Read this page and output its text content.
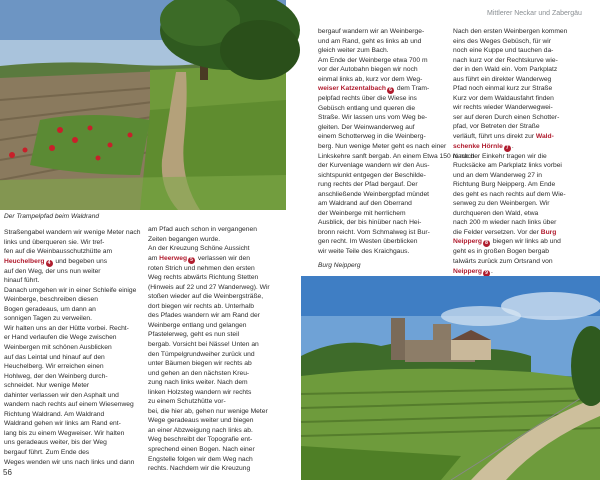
Der Trampelpfad beim Waldrand
Mittlerer Neckar und Zabergäu

Straßengabel wandern wir wenige Meter nach

links und überqueren sie. Wir tref-

fen auf die Weinbausschutzhütte am

Heuchelberg 4 und begeben uns

auf den Weg, der uns nun weiter

hinauf führt.

Danach umgehen wir in einer Schleife einige

Weinberge, beschreiben diesen

Bogen geradeaus, um dann an

sonnigen Tagen zu verweilen.

Wir halten uns an der Hütte vorbei. Recht-

er Hand verlaufen die Wege zwischen

Weinbergen mit schönen Ausblicken

auf das Leintal und hinauf auf den

Heuchelberg. Wir erreichen einen

Hohlweg, der den Weinberg durch-

schneidet. Nur wenige Meter

dahinter verlassen wir den Asphalt und

wandern nach rechts auf einem Wiesenweg

Richtung Waldrand. Am Waldrand

Waldrand gehen wir links am Rand ent-

lang bis zu einem Wegweiser. Wir halten

uns geradeaus weiter, bis der Weg

bergauf führt. Zum Ende des

Weges wenden wir uns nach links und dann

am Pfad auch schon in vergangenen

Zeiten begangen wurde.

An der Kreuzung Schöne Aussicht

am Heerweg 5 verlassen wir den

roten Strich und nehmen den ersten

Weg rechts abwärts Richtung Stetten

(Hinweis auf 22 und 27 Wanderweg). Wir

stoßen wieder auf die Weinbergsträße,

dort biegen wir rechts ab. Unterhalb

des Pfades wandern wir am Rand der

Weinberge entlang und gelangen

Pfastelerweg, geht es nun steil

bergab. Vorsicht bei Nässe! Unten an

den Tümpelgrundweiher zurück und

unter Bäumen biegen wir rechts ab

und gehen an den nächsten Kreu-

zung nach links weiter. Nach dem

linken Holzsteg wandern wir rechts

zu einem Schutzhütte vor-

bei, die hier ab, gehen nur wenige Meter

Wege geradeaus weiter und biegen

an einer Abzweigung nach links ab.

Weg beschreibt der Topografie ent-

sprechend einen Bogen. Nach einer

Engstelle folgen wir dem Weg nach

rechts. Nachdem wir die Kreuzung

bergauf wandern wir an Weinberge-

und am Rand, geht es links ab und

gleich weiter zum Bach.

Am Ende der Weinberge etwa 700 m

vor der Autobahn biegen wir noch

einmal links ab, kurz vor dem Weg-

weiser Katzentalbach 6 dem Tram-

pelpfad rechts über die Wiese ins

Gebüsch entlang und queren die

Straße. Wir lassen uns vom Weg be-

gleiten. Der Weinwanderweg auf

einem Schotterweg in die Weinberg-

berg. Nun wenige Meter geht es nach einer

Linkskehre sanft bergab. An einem Etwa 150 m nach

der Kurvenlage wandern wir den Aus-

sichtspunkt entgegen der Beschilde-

rung rechts der Pfad bergauf. Der

anschließende Weinbergpfad mündet

am Waldrand auf den Oberrand

der Weinberge mit herrlichem

Ausblick, der bis hinüber nach Hei-

bronn reicht. Vom Schmalweg ist Bur-

gen recht. Im Westen überblicken

wir weite Teile des Kraichgaus.

Burg Neipperg

Nach den ersten Weinbergen kommen

eins des Weges Gebüsch, für wir

noch eine Kuppe und tauchen da-

nach kurz vor der Rechtskurve wie-

der in den Wald ein. Vom Parkplatz

aus führt ein direkter Wanderweg

Pfad noch einmal kurz zur Straße

Kurz vor dem Waldausfahrt finden

wir rechts wieder Wanderwegwei-

ser auf deren Durch einen Schotter-

pfad, vor Betreten der Straße

verläuft, führt uns direkt zur Wald-

schenke Hörnle 7 .

Nach der Einkehr tragen wir die

Rucksäcke am Parkplatz links vorbei

und an dem Wanderweg 27 in

Richtung Burg Neipperg. Am Ende

des geht es nach rechts auf dem Wie-

senweg zu den Weinbergen. Wir

durchqueren den Wald, etwa

nach 200 m wieder nach links über

die Felder versetzen. Vor der Burg

Neipperg 8 biegen wir links ab und

geht es in großen Bogen bergab

talwärts zurück zum Ortsrand von

Neipperg 9 .

56
